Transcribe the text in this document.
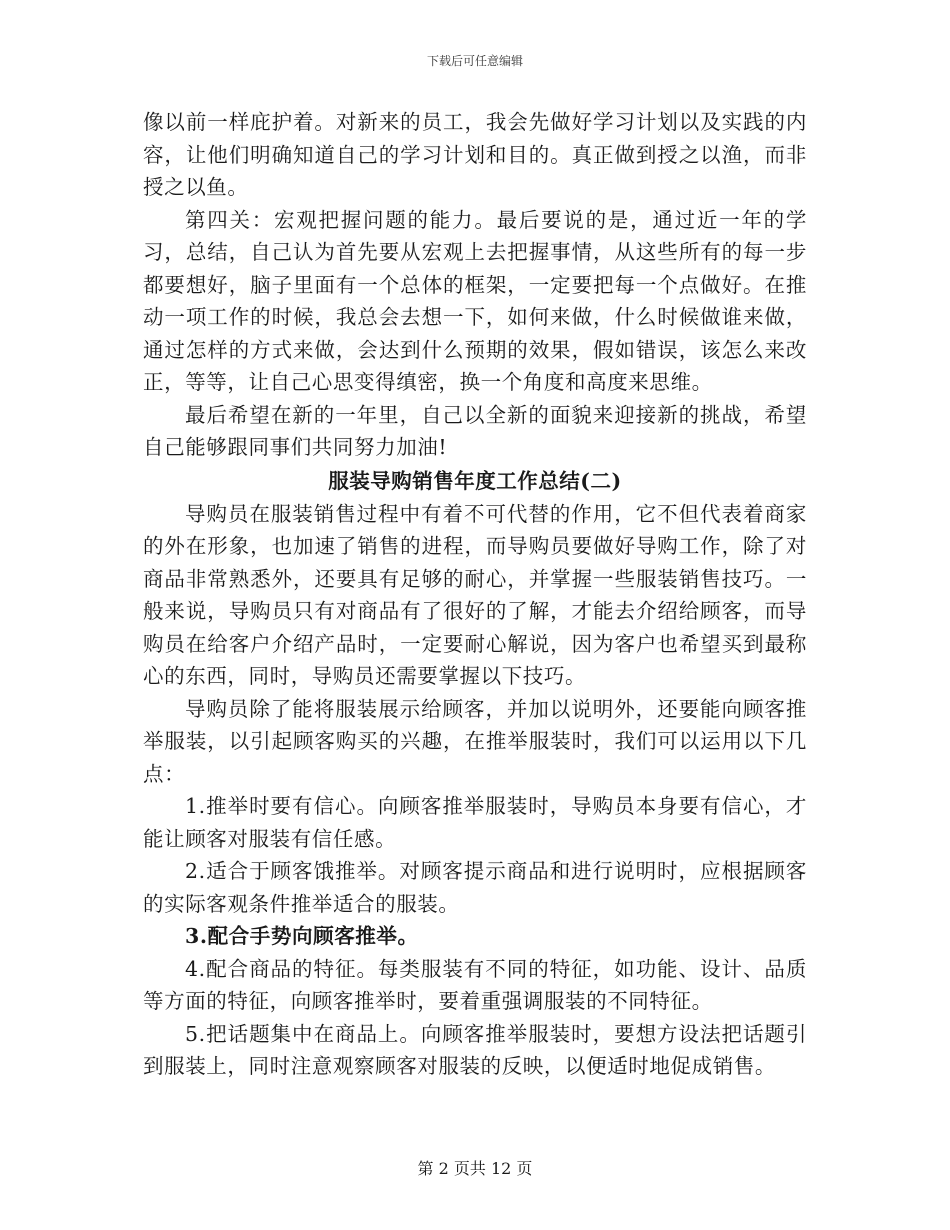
下载后可任意编辑

像以前一样庇护着。对新来的员工，我会先做好学习计划以及实践的内容，让他们明确知道自己的学习计划和目的。真正做到授之以渔，而非授之以鱼。

第四关：宏观把握问题的能力。最后要说的是，通过近一年的学习，总结，自己认为首先要从宏观上去把握事情，从这些所有的每一步都要想好，脑子里面有一个总体的框架，一定要把每一个点做好。在推动一项工作的时候，我总会去想一下，如何来做，什么时候做谁来做，通过怎样的方式来做，会达到什么预期的效果，假如错误，该怎么来改正，等等，让自己心思变得缜密，换一个角度和高度来思维。

最后希望在新的一年里，自己以全新的面貌来迎接新的挑战，希望自己能够跟同事们共同努力加油!

服装导购销售年度工作总结(二)

导购员在服装销售过程中有着不可代替的作用，它不但代表着商家的外在形象，也加速了销售的进程，而导购员要做好导购工作，除了对商品非常熟悉外，还要具有足够的耐心，并掌握一些服装销售技巧。一般来说，导购员只有对商品有了很好的了解，才能去介绍给顾客，而导购员在给客户介绍产品时，一定要耐心解说，因为客户也希望买到最称心的东西，同时，导购员还需要掌握以下技巧。

导购员除了能将服装展示给顾客，并加以说明外，还要能向顾客推举服装，以引起顾客购买的兴趣，在推举服装时，我们可以运用以下几点：

1.推举时要有信心。向顾客推举服装时，导购员本身要有信心，才能让顾客对服装有信任感。

2.适合于顾客饿推举。对顾客提示商品和进行说明时，应根据顾客的实际客观条件推举适合的服装。

3.配合手势向顾客推举。

4.配合商品的特征。每类服装有不同的特征，如功能、设计、品质等方面的特征，向顾客推举时，要着重强调服装的不同特征。

5.把话题集中在商品上。向顾客推举服装时，要想方设法把话题引到服装上，同时注意观察顾客对服装的反映，以便适时地促成销售。

第 2 页共 12 页
